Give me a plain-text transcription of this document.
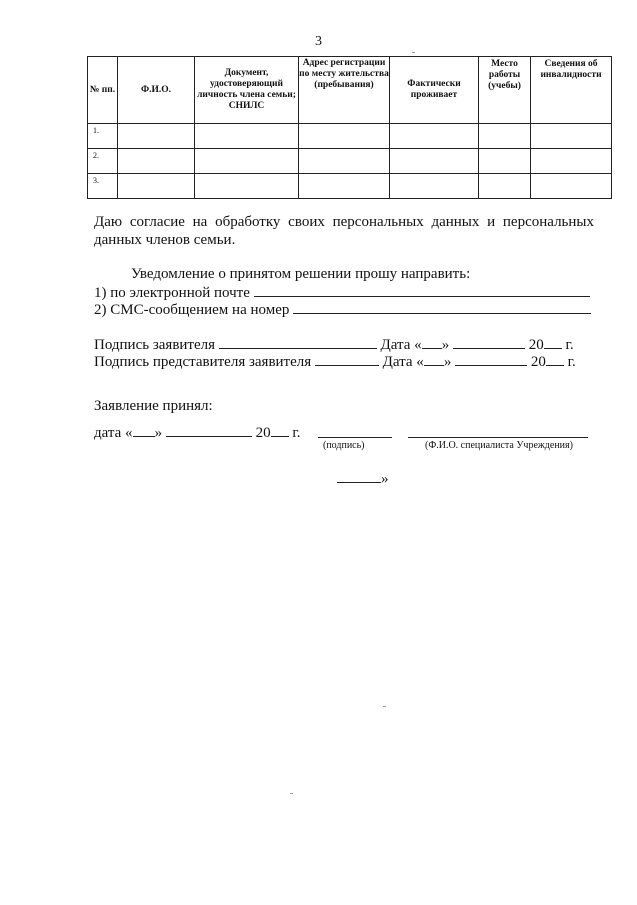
3
№ пп.	Ф.И.О.	Документ, удостоверяющий личность члена семьи; СНИЛС	Адрес регистрации по месту жительства (пребывания)	Фактически проживает	Место работы (учебы)	Сведения об инвалидности
1.						
2.						
3.						
Даю согласие на обработку своих персональных данных и персональных данных членов семьи.
Уведомление о принятом решении прошу направить:
1) по электронной почте
2) СМС-сообщением на номер
Подпись заявителя	Дата « »	20 г.
Подпись представителя заявителя	Дата « »	20 г.
Заявление принял:
дата « »	20 г.
(подпись)	(Ф.И.О. специалиста Учреждения)
»
